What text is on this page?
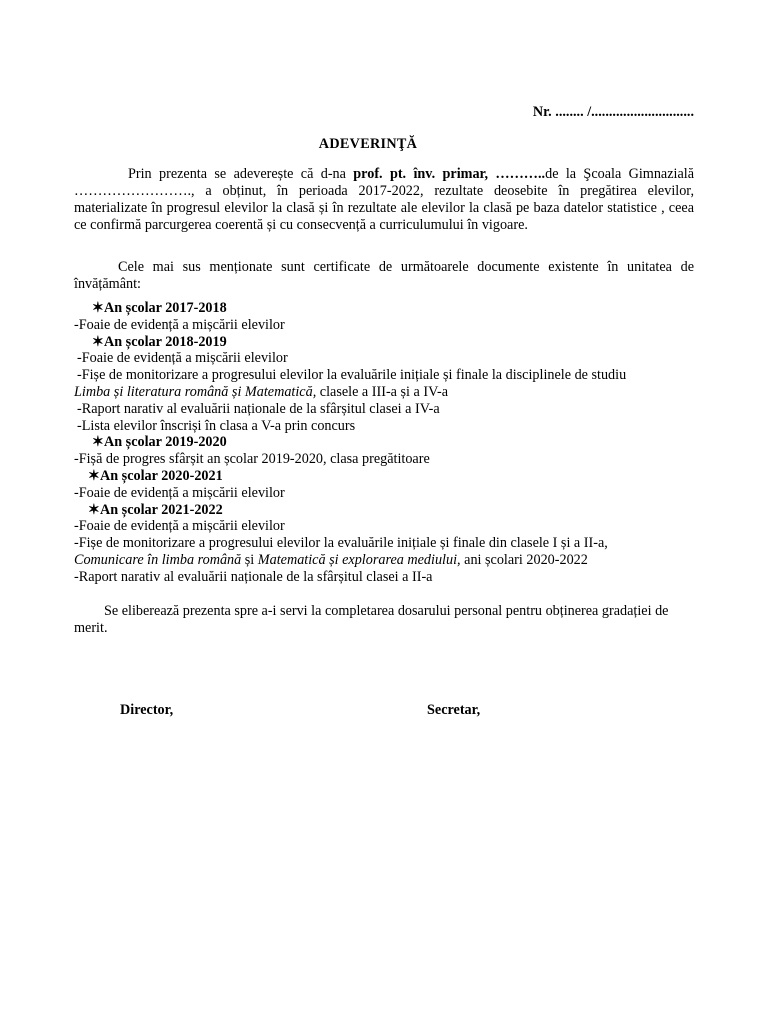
Nr. ........ /.............................
ADEVERINŢĂ
Prin prezenta se adeverește că d-na prof. pt. înv. primar, ………..de la Şcoala Gimnazială ……………………., a obținut, în perioada 2017-2022, rezultate deosebite în pregătirea elevilor, materializate în progresul elevilor la clasă și în rezultate ale elevilor la clasă pe baza datelor statistice , ceea ce confirmă parcurgerea coerentă și cu consecvență a curriculumului în vigoare.
Cele mai sus menționate sunt certificate de următoarele documente existente în unitatea de învățământ:
✶An școlar 2017-2018
-Foaie de evidență a mișcării elevilor
✶An școlar 2018-2019
-Foaie de evidență a mișcării elevilor
-Fișe de monitorizare a progresului elevilor la evaluările inițiale și finale la disciplinele de studiu
Limba și literatura română și Matematică, clasele a III-a și a IV-a
-Raport narativ al evaluării naționale de la sfârșitul clasei a IV-a
-Lista elevilor înscriși în clasa a V-a prin concurs
✶An școlar 2019-2020
-Fișă de progres sfârșit an școlar 2019-2020, clasa pregătitoare
✶An școlar 2020-2021
-Foaie de evidență a mișcării elevilor
✶An școlar 2021-2022
-Foaie de evidență a mișcării elevilor
-Fișe de monitorizare a progresului elevilor la evaluările inițiale și finale din clasele I și a II-a,
Comunicare în limba română și Matematică și explorarea mediului, ani școlari 2020-2022
-Raport narativ al evaluării naționale de la sfârșitul clasei a II-a
Se eliberează prezenta spre a-i servi la completarea dosarului personal pentru obținerea gradației de merit.
Director,	Secretar,
